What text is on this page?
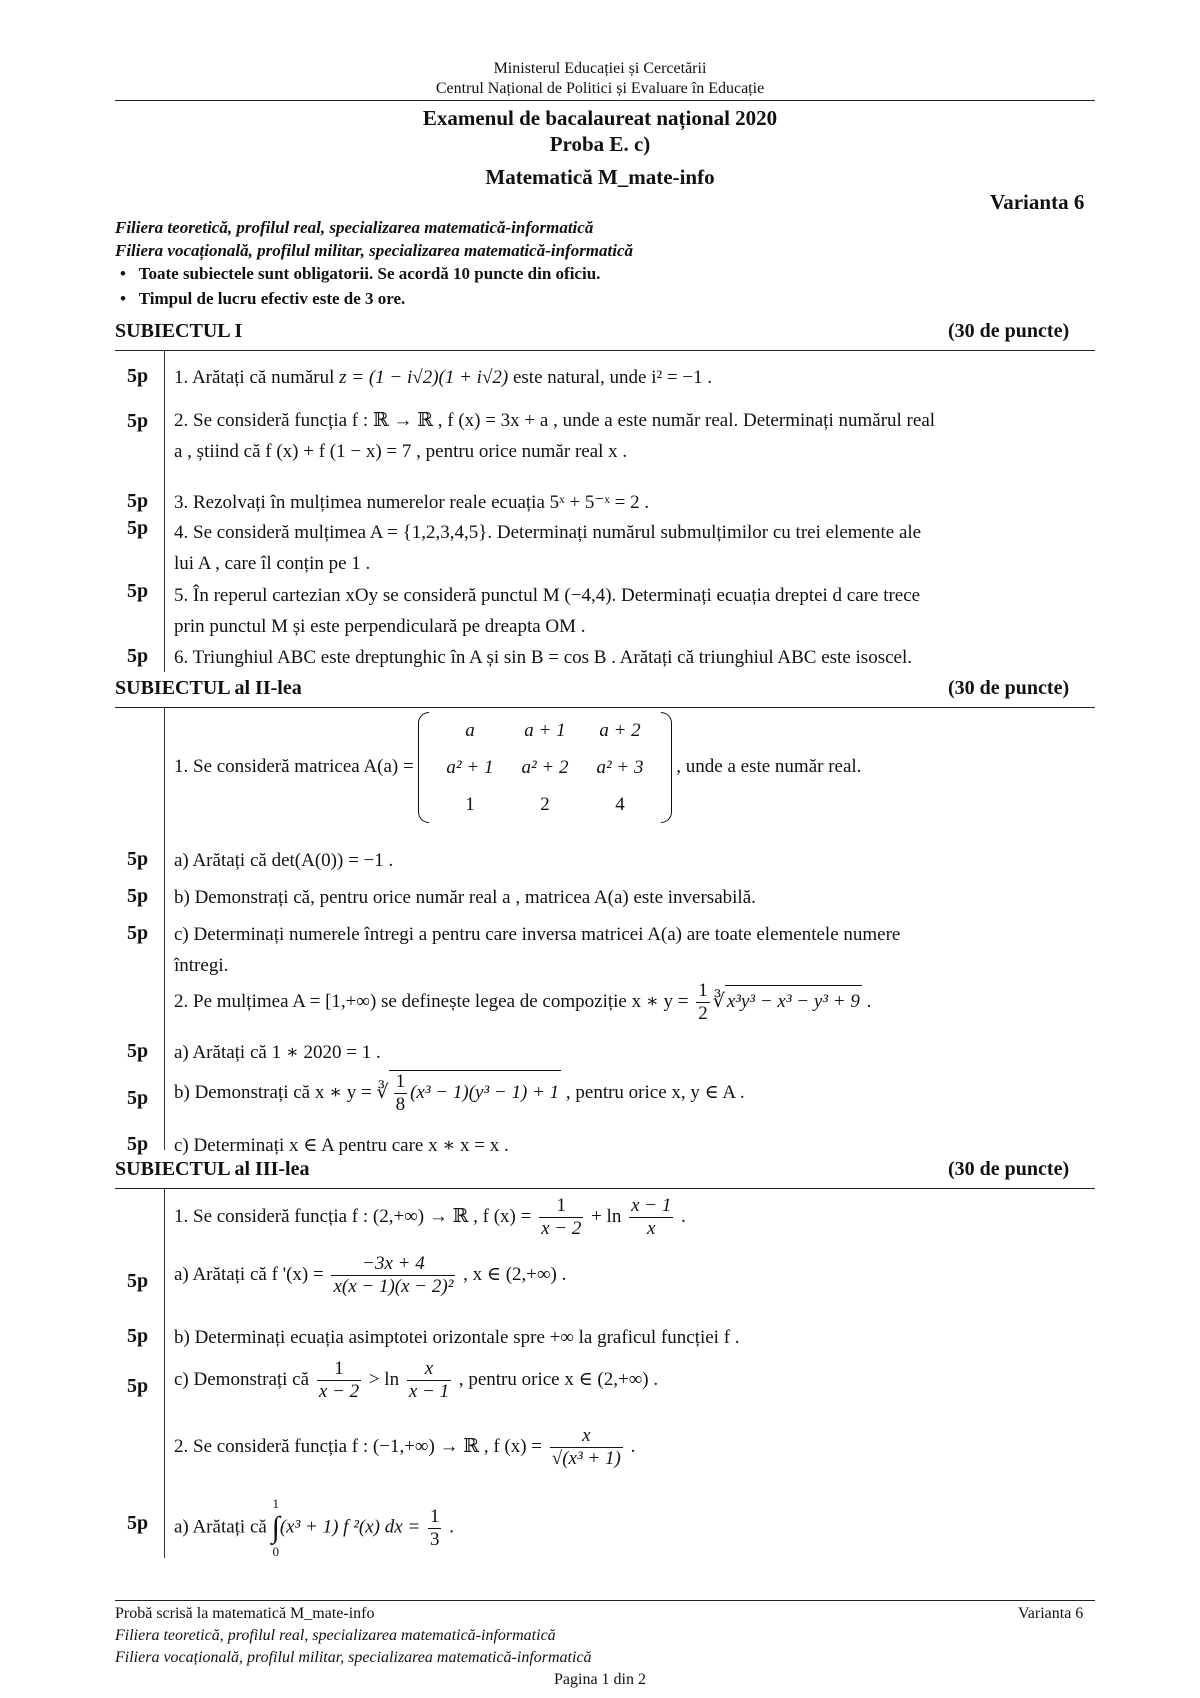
Ministerul Educației și Cercetării
Centrul Național de Politici și Evaluare în Educație
Examenul de bacalaureat național 2020
Proba E. c)
Matematică M_mate-info
Varianta 6
Filiera teoretică, profilul real, specializarea matematică-informatică
Filiera vocațională, profilul militar, specializarea matematică-informatică
•   Toate subiectele sunt obligatorii. Se acordă 10 puncte din oficiu.
•   Timpul de lucru efectiv este de 3 ore.
SUBIECTUL I	(30 de puncte)
5p	1. Arătați că numărul z = (1 − i√2)(1 + i√2) este natural, unde i² = −1 .
5p	2. Se consideră funcția f : ℝ → ℝ , f (x) = 3x + a , unde a este număr real. Determinați numărul real
a , știind că f (x) + f (1 − x) = 7 , pentru orice număr real x .
5p	3. Rezolvați în mulțimea numerelor reale ecuația 5ˣ + 5⁻ˣ = 2 .
5p	4. Se consideră mulțimea A = {1,2,3,4,5}. Determinați numărul submulțimilor cu trei elemente ale
lui A , care îl conțin pe 1 .
5p	5. În reperul cartezian xOy se consideră punctul M (−4,4). Determinați ecuația dreptei d care trece
prin punctul M și este perpendiculară pe dreapta OM .
5p	6. Triunghiul ABC este dreptunghic în A și sin B = cos B . Arătați că triunghiul ABC este isoscel.
SUBIECTUL al II-lea	(30 de puncte)
1. Se consideră matricea A(a) =
a	a + 1	a + 2
a² + 1	a² + 2	a² + 3
1	2	4
, unde a este număr real.
5p	a) Arătați că det(A(0)) = −1 .
5p	b) Demonstrați că, pentru orice număr real a , matricea A(a) este inversabilă.
5p	c) Determinați numerele întregi a pentru care inversa matricei A(a) are toate elementele numere
întregi.
2. Pe mulțimea A = [1,+∞) se definește legea de compoziție x ∗ $y = \frac{1}{2}$ ∛ x³y³ − x³ − y³ + 9 .
5p	a) Arătați că 1 ∗ 2020 = 1 .
5p	b) Demonstrați că x ∗ y = ∛ $\frac{1}{8} (x^3 - 1)(y^3 - 1) + 1$ , pentru orice x, y ∈ A .
5p	c) Determinați x ∈ A pentru care x ∗ x = x .
SUBIECTUL al III-lea	(30 de puncte)
1. Se consideră funcția f : (2,+∞) → ℝ , f $(x) = \frac{1}{x - 2} + \ln \frac{x - 1}{x}$ .
5p	a) Arătați că f '$(x) = \frac{-3x + 4}{\text{x(x − 1)(x − 2)²}}$ , x ∈ (2,+∞) .
5p	b) Determinați ecuația asimptotei orizontale spre +∞ la graficul funcției f .
5p	c) Demonstrați că $\frac{1}{x - 2} > \ln \frac{x}{x - 1}$ , pentru orice x ∈ (2,+∞) .
2. Se consideră funcția f : (−1,+∞) → ℝ , f $(x) = \frac{x}{\text{√(x³ + 1)}}$ .
5p	a) Arătați că
1
∫
0
(x³ + 1) f ²(x) dx = $\frac{1}{3}$ .
Probă scrisă la matematică M_mate-info	Varianta 6
Filiera teoretică, profilul real, specializarea matematică-informatică
Filiera vocațională, profilul militar, specializarea matematică-informatică
Pagina 1 din 2
